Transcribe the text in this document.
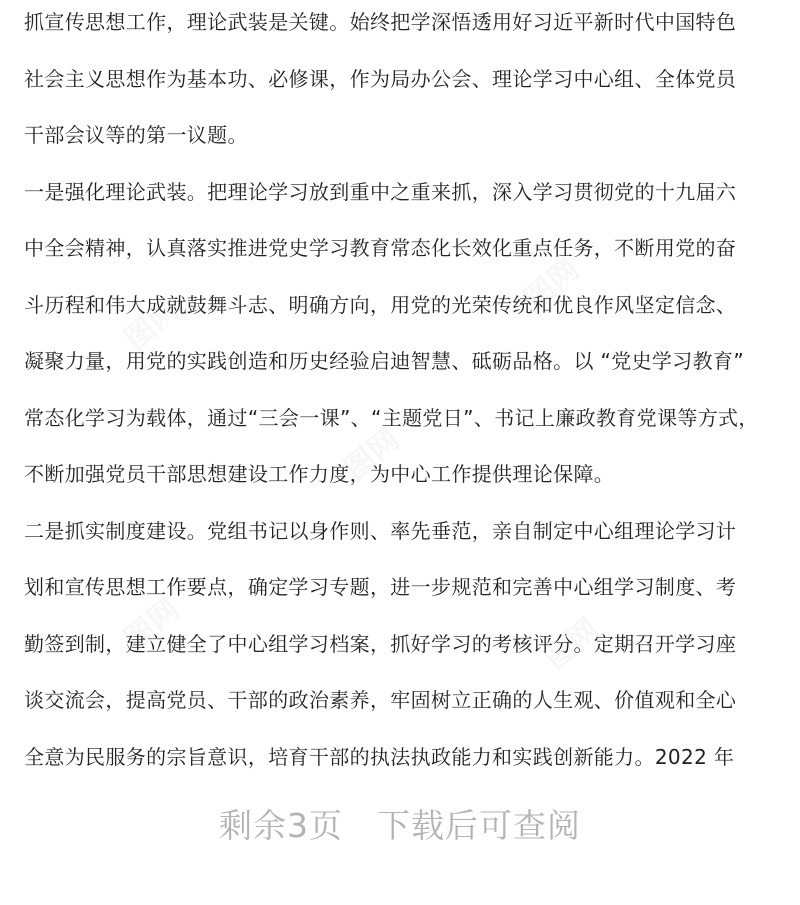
抓宣传思想工作，理论武装是关键。始终把学深悟透用好习近平新时代中国特色
社会主义思想作为基本功、必修课，作为局办公会、理论学习中心组、全体党员
干部会议等的第一议题。
一是强化理论武装。把理论学习放到重中之重来抓，深入学习贯彻党的十九届六
中全会精神，认真落实推进党史学习教育常态化长效化重点任务，不断用党的奋
斗历程和伟大成就鼓舞斗志、明确方向，用党的光荣传统和优良作风坚定信念、
凝聚力量，用党的实践创造和历史经验启迪智慧、砥砺品格。以 “党史学习教育”
常态化学习为载体，通过“三会一课”、“主题党日”、书记上廉政教育党课等方式，
不断加强党员干部思想建设工作力度，为中心工作提供理论保障。
二是抓实制度建设。党组书记以身作则、率先垂范，亲自制定中心组理论学习计
划和宣传思想工作要点，确定学习专题，进一步规范和完善中心组学习制度、考
勤签到制，建立健全了中心组学习档案，抓好学习的考核评分。定期召开学习座
谈交流会，提高党员、干部的政治素养，牢固树立正确的人生观、价值观和全心
全意为民服务的宗旨意识，培育干部的执法执政能力和实践创新能力。2022 年
剩余3页 下载后可查阅
